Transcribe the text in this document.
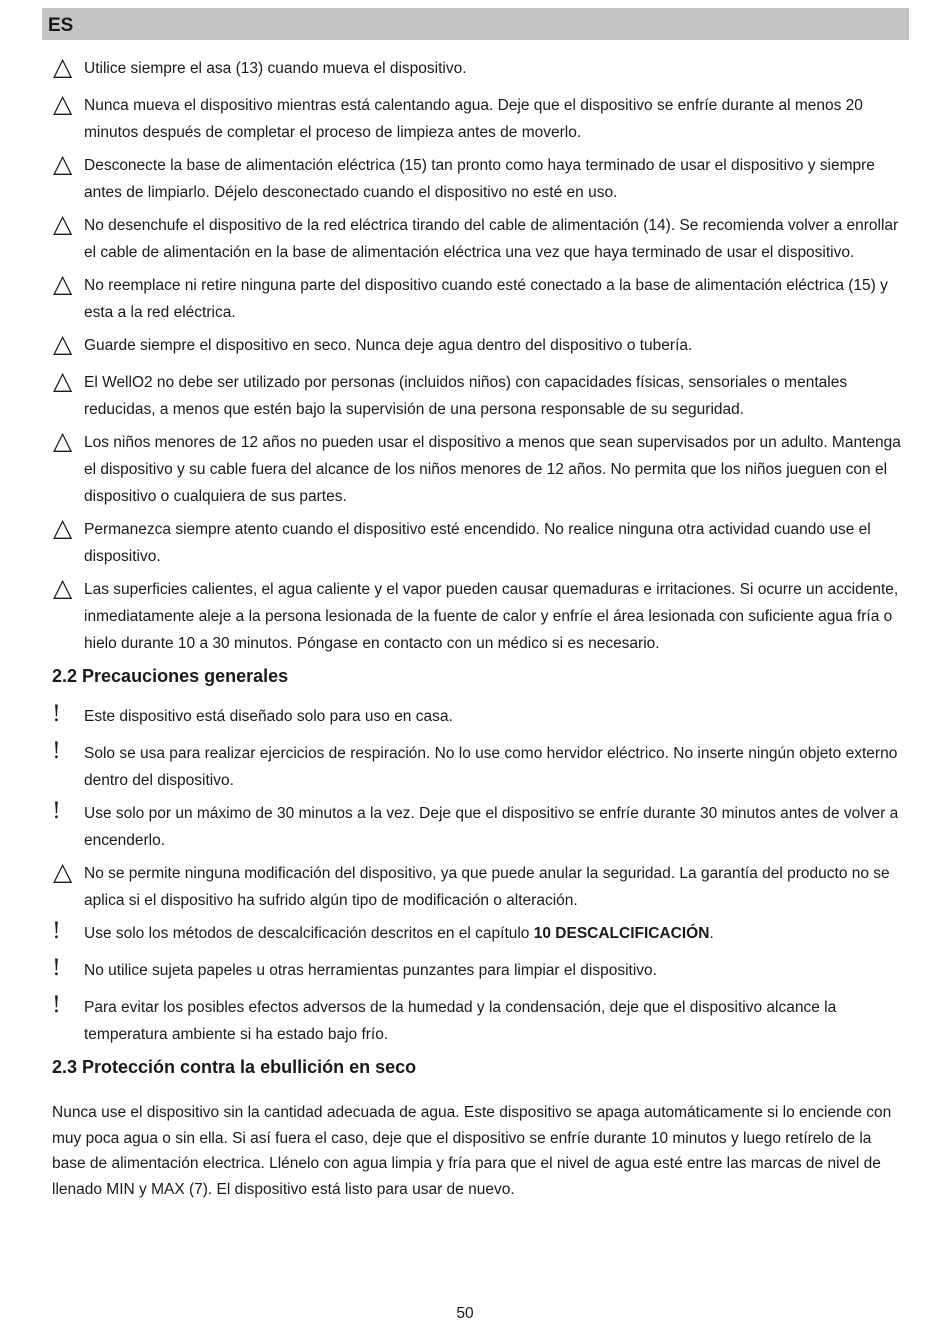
ES
△ Utilice siempre el asa (13) cuando mueva el dispositivo.
△ Nunca mueva el dispositivo mientras está calentando agua. Deje que el dispositivo se enfríe durante al menos 20 minutos después de completar el proceso de limpieza antes de moverlo.
△ Desconecte la base de alimentación eléctrica (15) tan pronto como haya terminado de usar el dispositivo y siempre antes de limpiarlo. Déjelo desconectado cuando el dispositivo no esté en uso.
△ No desenchufe el dispositivo de la red eléctrica tirando del cable de alimentación (14). Se recomienda volver a enrollar el cable de alimentación en la base de alimentación eléctrica una vez que haya terminado de usar el dispositivo.
△ No reemplace ni retire ninguna parte del dispositivo cuando esté conectado a la base de alimentación eléctrica (15) y esta a la red eléctrica.
△ Guarde siempre el dispositivo en seco. Nunca deje agua dentro del dispositivo o tubería.
△ El WellO2 no debe ser utilizado por personas (incluidos niños) con capacidades físicas, sensoriales o mentales reducidas, a menos que estén bajo la supervisión de una persona responsable de su seguridad.
△ Los niños menores de 12 años no pueden usar el dispositivo a menos que sean supervisados por un adulto. Mantenga el dispositivo y su cable fuera del alcance de los niños menores de 12 años. No permita que los niños jueguen con el dispositivo o cualquiera de sus partes.
△ Permanezca siempre atento cuando el dispositivo esté encendido. No realice ninguna otra actividad cuando use el dispositivo.
△ Las superficies calientes, el agua caliente y el vapor pueden causar quemaduras e irritaciones. Si ocurre un accidente, inmediatamente aleje a la persona lesionada de la fuente de calor y enfríe el área lesionada con suficiente agua fría o hielo durante 10 a 30 minutos. Póngase en contacto con un médico si es necesario.
2.2 Precauciones generales
!	Este dispositivo está diseñado solo para uso en casa.
!	Solo se usa para realizar ejercicios de respiración. No lo use como hervidor eléctrico. No inserte ningún objeto externo dentro del dispositivo.
!	Use solo por un máximo de 30 minutos a la vez. Deje que el dispositivo se enfríe durante 30 minutos antes de volver a encenderlo.
△ No se permite ninguna modificación del dispositivo, ya que puede anular la seguridad. La garantía del producto no se aplica si el dispositivo ha sufrido algún tipo de modificación o alteración.
!	Use solo los métodos de descalcificación descritos en el capítulo 10 DESCALCIFICACIÓN.
!	No utilice sujeta papeles u otras herramientas punzantes para limpiar el dispositivo.
!	Para evitar los posibles efectos adversos de la humedad y la condensación, deje que el dispositivo alcance la temperatura ambiente si ha estado bajo frío.
2.3 Protección contra la ebullición en seco
Nunca use el dispositivo sin la cantidad adecuada de agua. Este dispositivo se apaga automáticamente si lo enciende con muy poca agua o sin ella. Si así fuera el caso, deje que el dispositivo se enfríe durante 10 minutos y luego retírelo de la base de alimentación electrica. Llénelo con agua limpia y fría para que el nivel de agua esté entre las marcas de nivel de llenado MIN y MAX (7). El dispositivo está listo para usar de nuevo.
50
